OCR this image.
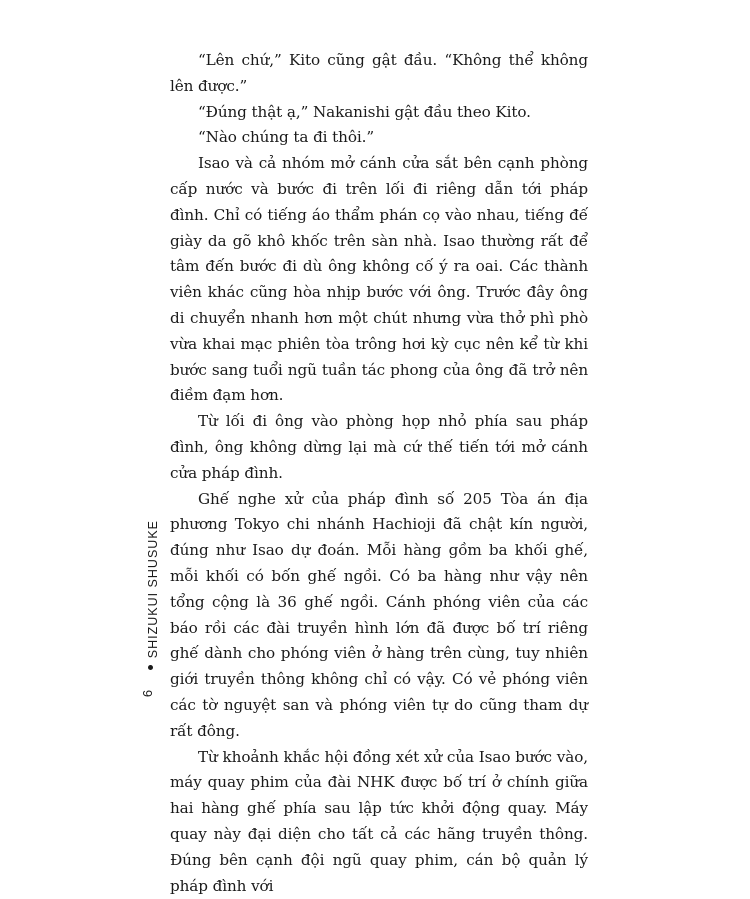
SHIZUKUI SHUSUKE
6

“Lên chứ,” Kito cũng gật đầu. “Không thể không lên được.”

“Đúng thật ạ,” Nakanishi gật đầu theo Kito.

“Nào chúng ta đi thôi.”

Isao và cả nhóm mở cánh cửa sắt bên cạnh phòng cấp nước và bước đi trên lối đi riêng dẫn tới pháp đình. Chỉ có tiếng áo thẩm phán cọ vào nhau, tiếng đế giày da gõ khô khốc trên sàn nhà. Isao thường rất để tâm đến bước đi dù ông không cố ý ra oai. Các thành viên khác cũng hòa nhịp bước với ông. Trước đây ông di chuyển nhanh hơn một chút nhưng vừa thở phì phò vừa khai mạc phiên tòa trông hơi kỳ cục nên kể từ khi bước sang tuổi ngũ tuần tác phong của ông đã trở nên điềm đạm hơn.

Từ lối đi ông vào phòng họp nhỏ phía sau pháp đình, ông không dừng lại mà cứ thế tiến tới mở cánh cửa pháp đình.

Ghế nghe xử của pháp đình số 205 Tòa án địa phương Tokyo chi nhánh Hachioji đã chật kín người, đúng như Isao dự đoán. Mỗi hàng gồm ba khối ghế, mỗi khối có bốn ghế ngồi. Có ba hàng như vậy nên tổng cộng là 36 ghế ngồi. Cánh phóng viên của các báo rồi các đài truyền hình lớn đã được bố trí riêng ghế dành cho phóng viên ở hàng trên cùng, tuy nhiên giới truyền thông không chỉ có vậy. Có vẻ phóng viên các tờ nguyệt san và phóng viên tự do cũng tham dự rất đông.

Từ khoảnh khắc hội đồng xét xử của Isao bước vào, máy quay phim của đài NHK được bố trí ở chính giữa hai hàng ghế phía sau lập tức khởi động quay. Máy quay này đại diện cho tất cả các hãng truyền thông. Đúng bên cạnh đội ngũ quay phim, cán bộ quản lý pháp đình với
